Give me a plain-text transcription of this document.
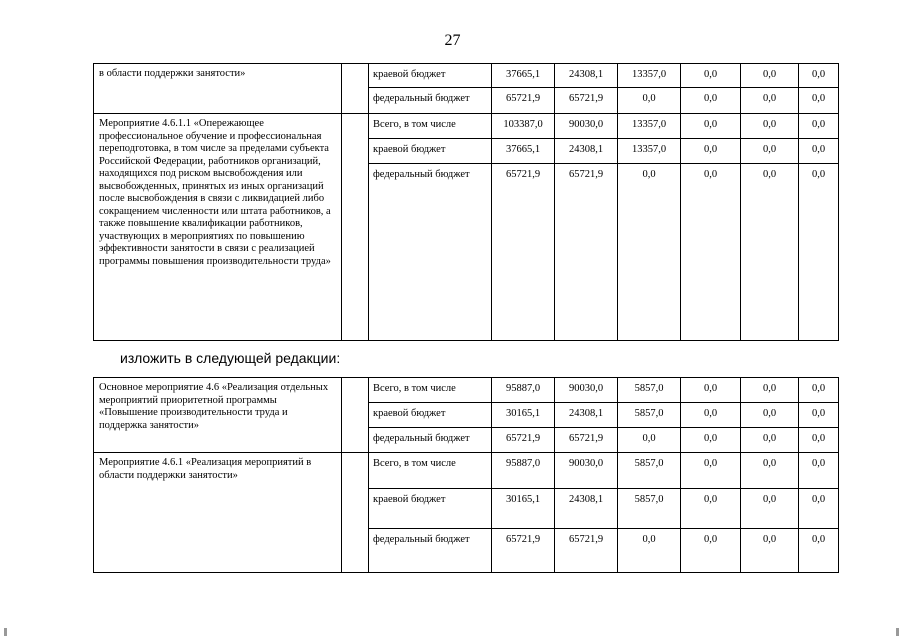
27
в области поддержки занятости»		краевой бюджет	37665,1	24308,1	13357,0	0,0	0,0	0,0
		федеральный бюджет	65721,9	65721,9	0,0	0,0	0,0	0,0
Мероприятие 4.6.1.1 «Опережающее профессиональное обучение и профессиональная переподготовка, в том числе за пределами субъекта Российской Федерации, работников организаций, находящихся под риском высвобождения или высвобожденных, принятых из иных организаций после высвобождения в связи с ликвидацией либо сокращением численности или штата работников, а также повышение квалификации работников, участвующих в мероприятиях по повышению эффективности занятости в связи с реализацией программы повышения производительности труда»		Всего, в том числе	103387,0	90030,0	13357,0	0,0	0,0	0,0
		краевой бюджет	37665,1	24308,1	13357,0	0,0	0,0	0,0
		федеральный бюджет	65721,9	65721,9	0,0	0,0	0,0	0,0
изложить в следующей редакции:
Основное мероприятие 4.6 «Реализация отдельных мероприятий приоритетной программы «Повышение производительности труда и поддержка занятости»		Всего, в том числе	95887,0	90030,0	5857,0	0,0	0,0	0,0
		краевой бюджет	30165,1	24308,1	5857,0	0,0	0,0	0,0
		федеральный бюджет	65721,9	65721,9	0,0	0,0	0,0	0,0
Мероприятие 4.6.1 «Реализация мероприятий в области поддержки занятости»		Всего, в том числе	95887,0	90030,0	5857,0	0,0	0,0	0,0
		краевой бюджет	30165,1	24308,1	5857,0	0,0	0,0	0,0
		федеральный бюджет	65721,9	65721,9	0,0	0,0	0,0	0,0
